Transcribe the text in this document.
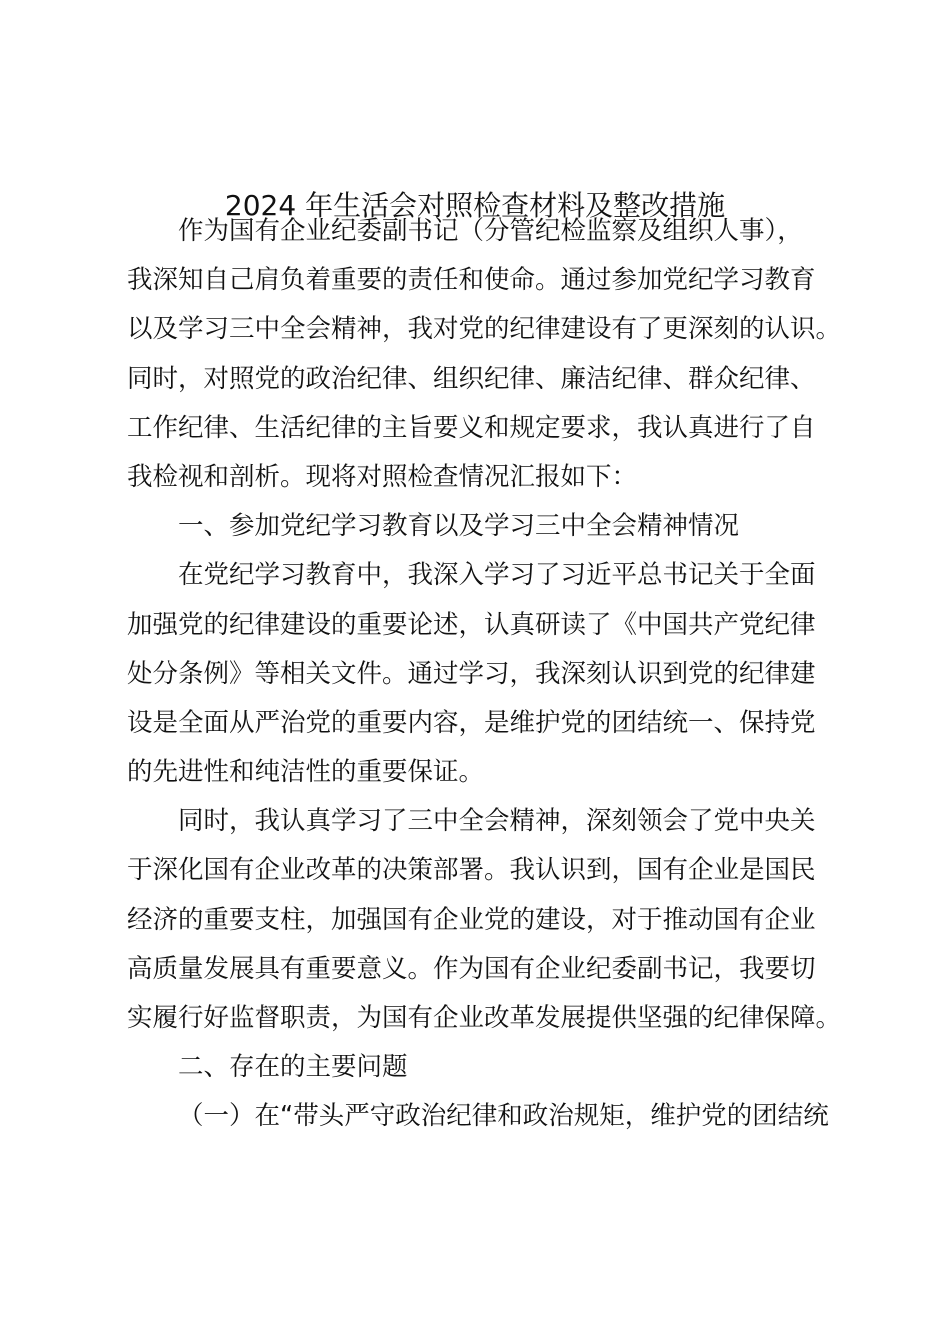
2024 年生活会对照检查材料及整改措施
作为国有企业纪委副书记（分管纪检监察及组织人事），
我深知自己肩负着重要的责任和使命。通过参加党纪学习教育
以及学习三中全会精神，我对党的纪律建设有了更深刻的认识。
同时，对照党的政治纪律、组织纪律、廉洁纪律、群众纪律、
工作纪律、生活纪律的主旨要义和规定要求，我认真进行了自
我检视和剖析。现将对照检查情况汇报如下：
一、参加党纪学习教育以及学习三中全会精神情况
在党纪学习教育中，我深入学习了习近平总书记关于全面
加强党的纪律建设的重要论述，认真研读了《中国共产党纪律
处分条例》等相关文件。通过学习，我深刻认识到党的纪律建
设是全面从严治党的重要内容，是维护党的团结统一、保持党
的先进性和纯洁性的重要保证。
同时，我认真学习了三中全会精神，深刻领会了党中央关
于深化国有企业改革的决策部署。我认识到，国有企业是国民
经济的重要支柱，加强国有企业党的建设，对于推动国有企业
高质量发展具有重要意义。作为国有企业纪委副书记，我要切
实履行好监督职责，为国有企业改革发展提供坚强的纪律保障。
二、存在的主要问题
（一）在“带头严守政治纪律和政治规矩，维护党的团结统
